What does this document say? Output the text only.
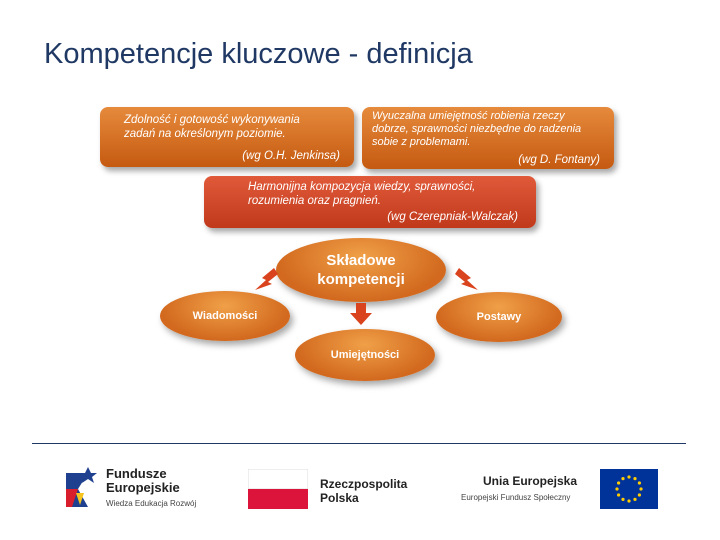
Kompetencje kluczowe - definicja
Zdolność i gotowość wykonywania zadań na określonym poziomie.
(wg O.H. Jenkinsa)
Wyuczalna umiejętność robienia rzeczy dobrze, sprawności niezbędne do radzenia sobie z problemami.
(wg D. Fontany)
Harmonijna kompozycja wiedzy, sprawności, rozumienia oraz pragnień.
(wg Czerepniak-Walczak)
Składowe kompetencji
Wiadomości
Umiejętności
Postawy
Fundusze
Europejskie
Wiedza Edukacja Rozwój
Rzeczpospolita
Polska
Unia Europejska
Europejski Fundusz Społeczny
